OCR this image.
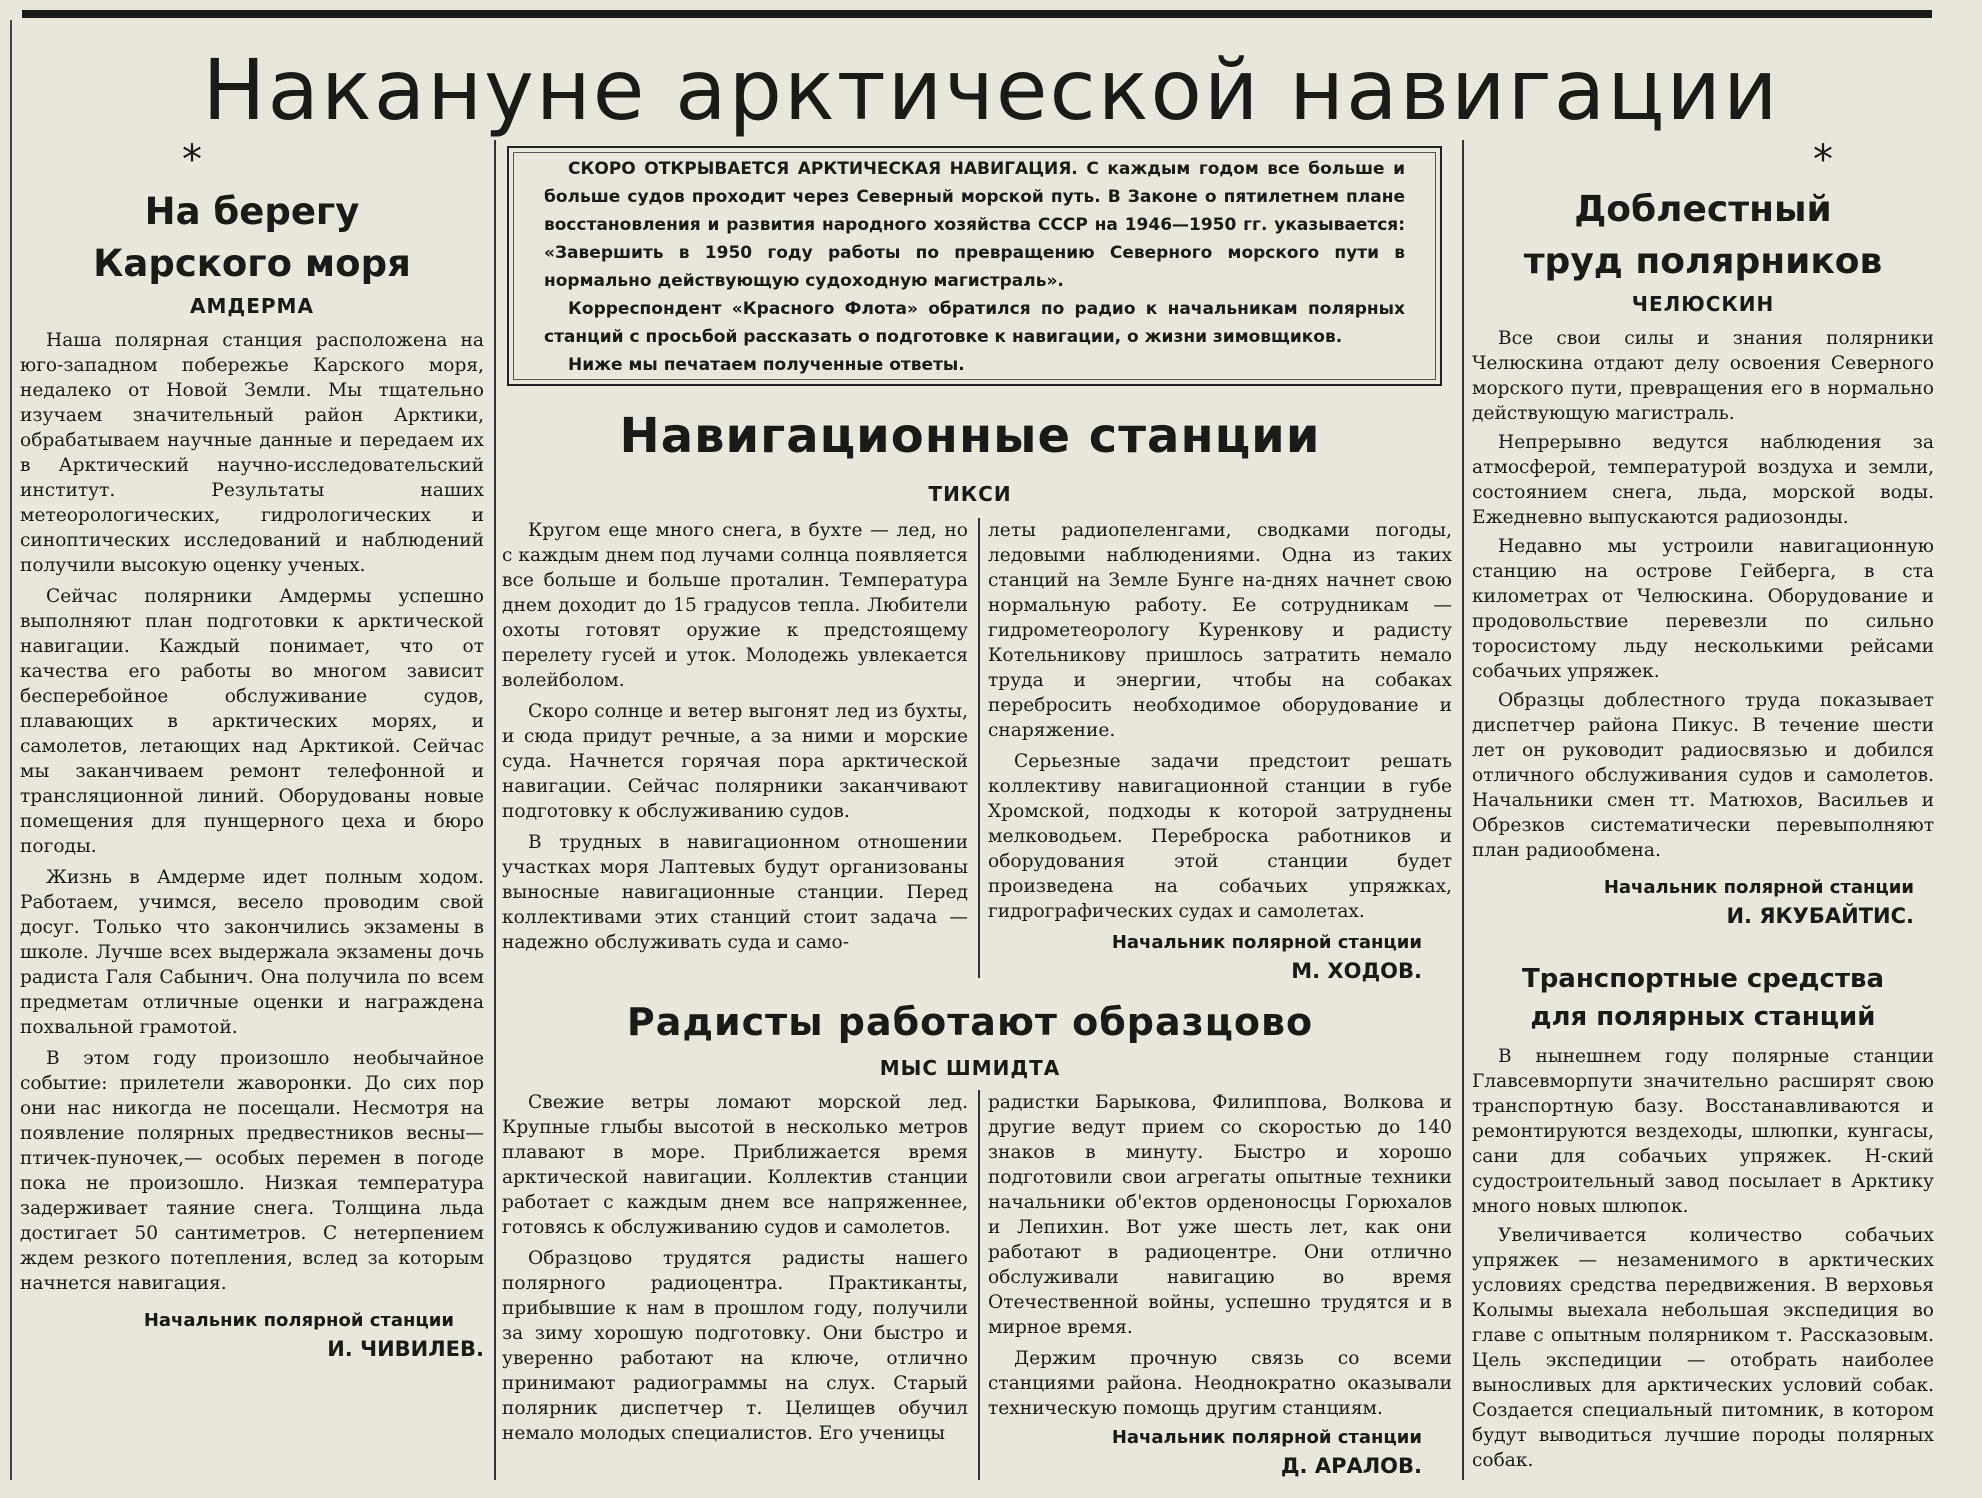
Накануне арктической навигации
*
На берегу
Карского моря
АМДЕРМА

Наша полярная станция расположена на юго-западном побережье Карского моря, недалеко от Новой Земли. Мы тщательно изучаем значительный район Арктики, обрабатываем научные данные и передаем их в Арктический научно-исследовательский институт. Результаты наших метеорологических, гидрологических и синоптических исследований и наблюдений получили высокую оценку ученых.

Сейчас полярники Амдермы успешно выполняют план подготовки к арктической навигации. Каждый понимает, что от качества его работы во многом зависит бесперебойное обслуживание судов, плавающих в арктических морях, и самолетов, летающих над Арктикой. Сейчас мы заканчиваем ремонт телефонной и трансляционной линий. Оборудованы новые помещения для пунщерного цеха и бюро погоды.

Жизнь в Амдерме идет полным ходом. Работаем, учимся, весело проводим свой досуг. Только что закончились экзамены в школе. Лучше всех выдержала экзамены дочь радиста Галя Сабынич. Она получила по всем предметам отличные оценки и награждена похвальной грамотой.

В этом году произошло необычайное событие: прилетели жаворонки. До сих пор они нас никогда не посещали. Несмотря на появление полярных предвестников весны—птичек-пуночек,— особых перемен в погоде пока не произошло. Низкая температура задерживает таяние снега. Толщина льда достигает 50 сантиметров. С нетерпением ждем резкого потепления, вслед за которым начнется навигация.

Начальник полярной станции
И. ЧИВИЛЕВ.

СКОРО ОТКРЫВАЕТСЯ АРКТИЧЕСКАЯ НАВИГАЦИЯ. С каждым годом все больше и больше судов проходит через Северный морской путь. В Законе о пятилетнем плане восстановления и развития народного хозяйства СССР на 1946—1950 гг. указывается: «Завершить в 1950 году работы по превращению Северного морского пути в нормально действующую судоходную магистраль».

Корреспондент «Красного Флота» обратился по радио к начальникам полярных станций с просьбой рассказать о подготовке к навигации, о жизни зимовщиков.

Ниже мы печатаем полученные ответы.

Навигационные станции
ТИКСИ

Кругом еще много снега, в бухте — лед, но с каждым днем под лучами солнца появляется все больше и больше проталин. Температура днем доходит до 15 градусов тепла. Любители охоты готовят оружие к предстоящему перелету гусей и уток. Молодежь увлекается волейболом.

Скоро солнце и ветер выгонят лед из бухты, и сюда придут речные, а за ними и морские суда. Начнется горячая пора арктической навигации. Сейчас полярники заканчивают подготовку к обслуживанию судов.

В трудных в навигационном отношении участках моря Лаптевых будут организованы выносные навигационные станции. Перед коллективами этих станций стоит задача — надежно обслуживать суда и само-

леты радиопеленгами, сводками погоды, ледовыми наблюдениями. Одна из таких станций на Земле Бунге на-днях начнет свою нормальную работу. Ее сотрудникам — гидрометеорологу Куренкову и радисту Котельникову пришлось затратить немало труда и энергии, чтобы на собаках перебросить необходимое оборудование и снаряжение.

Серьезные задачи предстоит решать коллективу навигационной станции в губе Хромской, подходы к которой затруднены мелководьем. Переброска работников и оборудования этой станции будет произведена на собачьих упряжках, гидрографических судах и самолетах.

Начальник полярной станции
М. ХОДОВ.
Радисты работают образцово
МЫС ШМИДТА

Свежие ветры ломают морской лед. Крупные глыбы высотой в несколько метров плавают в море. Приближается время арктической навигации. Коллектив станции работает с каждым днем все напряженнее, готовясь к обслуживанию судов и самолетов.

Образцово трудятся радисты нашего полярного радиоцентра. Практиканты, прибывшие к нам в прошлом году, получили за зиму хорошую подготовку. Они быстро и уверенно работают на ключе, отлично принимают радиограммы на слух. Старый полярник диспетчер т. Целищев обучил немало молодых специалистов. Его ученицы

радистки Барыкова, Филиппова, Волкова и другие ведут прием со скоростью до 140 знаков в минуту. Быстро и хорошо подготовили свои агрегаты опытные техники начальники об'ектов орденоносцы Горюхалов и Лепихин. Вот уже шесть лет, как они работают в радиоцентре. Они отлично обслуживали навигацию во время Отечественной войны, успешно трудятся и в мирное время.

Держим прочную связь со всеми станциями района. Неоднократно оказывали техническую помощь другим станциям.

Начальник полярной станции
Д. АРАЛОВ.
*
Доблестный
труд полярников
ЧЕЛЮСКИН

Все свои силы и знания полярники Челюскина отдают делу освоения Северного морского пути, превращения его в нормально действующую магистраль.

Непрерывно ведутся наблюдения за атмосферой, температурой воздуха и земли, состоянием снега, льда, морской воды. Ежедневно выпускаются радиозонды.

Недавно мы устроили навигационную станцию на острове Гейберга, в ста километрах от Челюскина. Оборудование и продовольствие перевезли по сильно торосистому льду несколькими рейсами собачьих упряжек.

Образцы доблестного труда показывает диспетчер района Пикус. В течение шести лет он руководит радиосвязью и добился отличного обслуживания судов и самолетов. Начальники смен тт. Матюхов, Васильев и Обрезков систематически перевыполняют план радиообмена.

Начальник полярной станции
И. ЯКУБАЙТИС.
Транспортные средства
для полярных станций

В нынешнем году полярные станции Главсевморпути значительно расширят свою транспортную базу. Восстанавливаются и ремонтируются вездеходы, шлюпки, кунгасы, сани для собачьих упряжек. Н-ский судостроительный завод посылает в Арктику много новых шлюпок.

Увеличивается количество собачьих упряжек — незаменимого в арктических условиях средства передвижения. В верховья Колымы выехала небольшая экспедиция во главе с опытным полярником т. Рассказовым. Цель экспедиции — отобрать наиболее выносливых для арктических условий собак. Создается специальный питомник, в котором будут выводиться лучшие породы полярных собак.
